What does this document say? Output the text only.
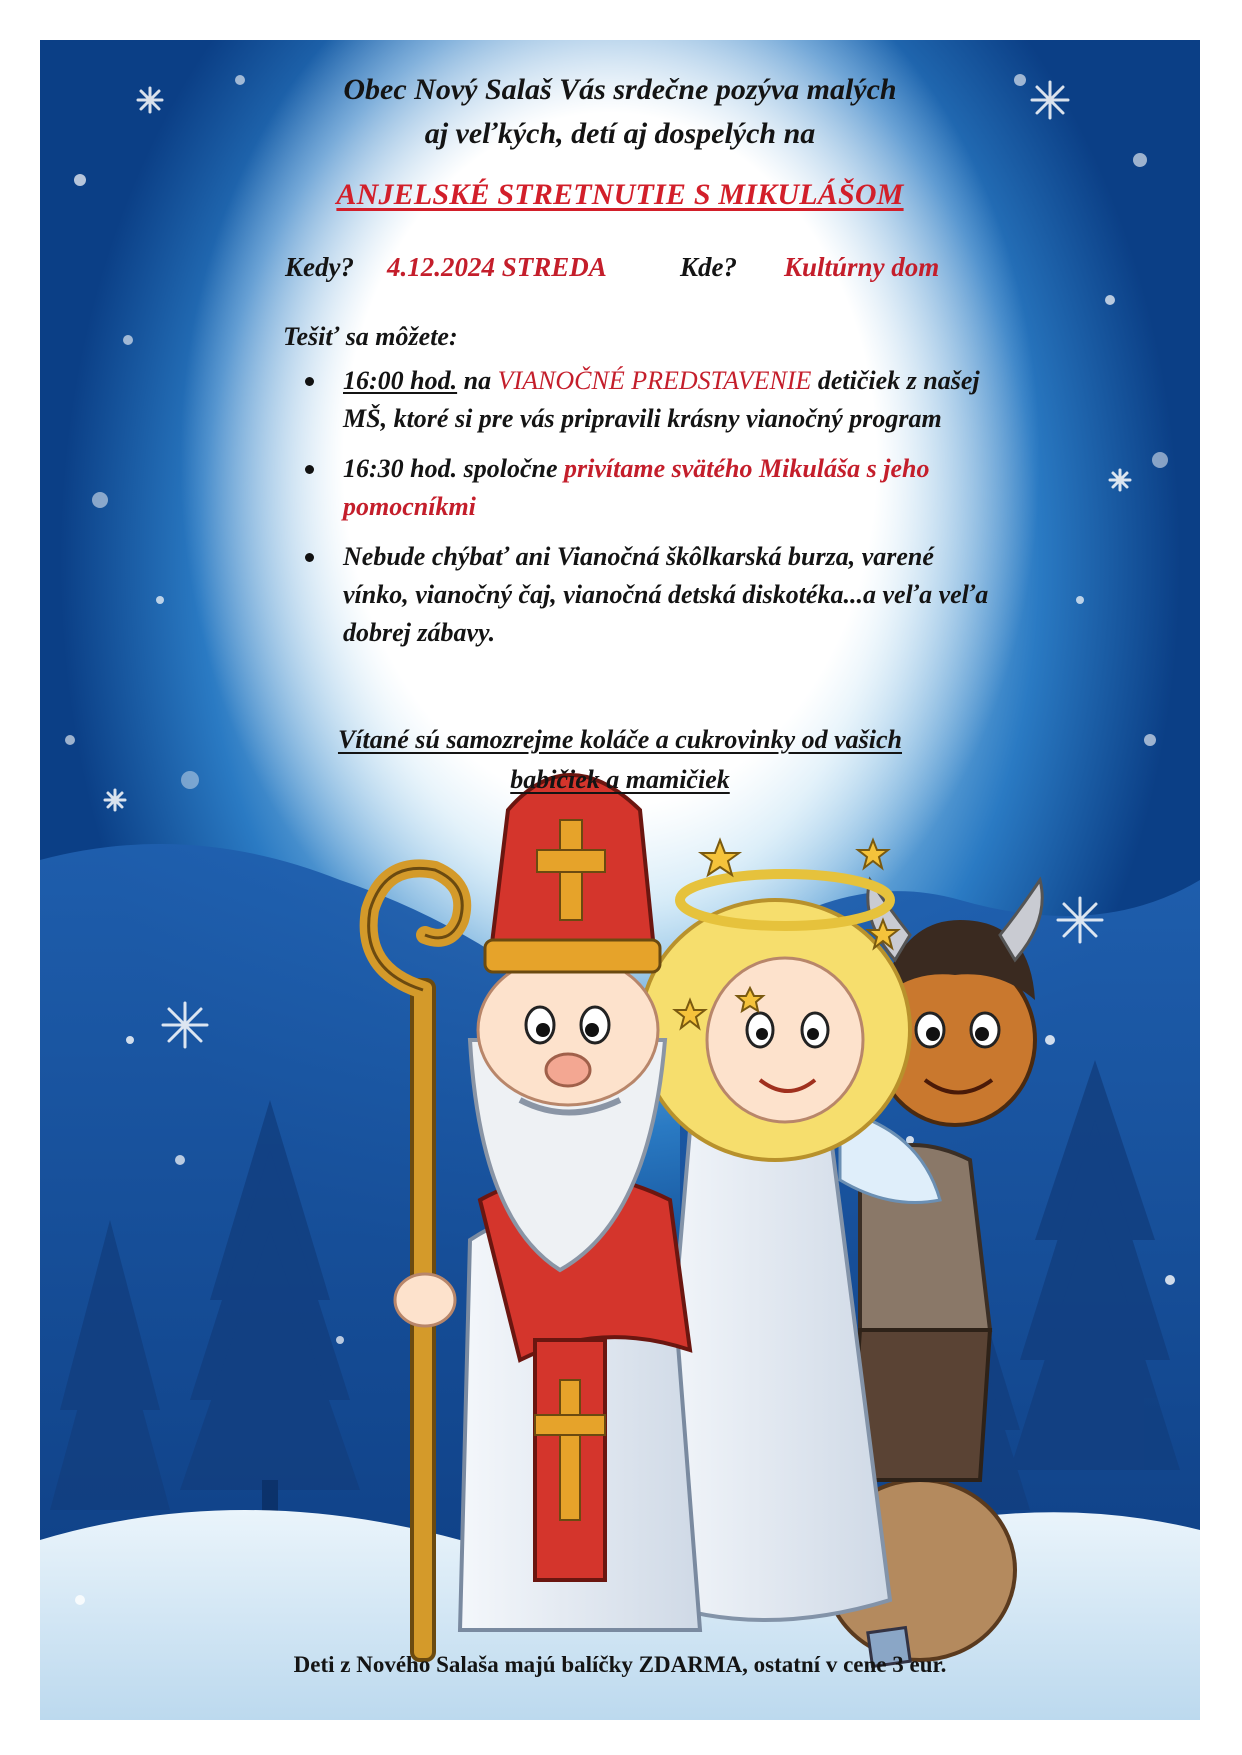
Obec Nový Salaš Vás srdečne pozýva malých
aj veľkých, detí aj dospelých na
ANJELSKÉ STRETNUTIE S MIKULÁŠOM
Kedy? 4.12.2024 STREDA	Kde? Kultúrny dom
Tešiť sa môžete:
16:00 hod. na VIANOČNÉ PREDSTAVENIE detičiek z našej MŠ, ktoré si pre vás pripravili krásny vianočný program
16:30 hod. spoločne privítame svätého Mikuláša s jeho pomocníkmi
Nebude chýbať ani Vianočná škôlkarská burza, varené vínko, vianočný čaj, vianočná detská diskotéka...a veľa veľa dobrej zábavy.
Vítané sú samozrejme koláče a cukrovinky od vašich
babičiek a mamičiek
Deti z Nového Salaša majú balíčky ZDARMA, ostatní v cene 3 eur.
